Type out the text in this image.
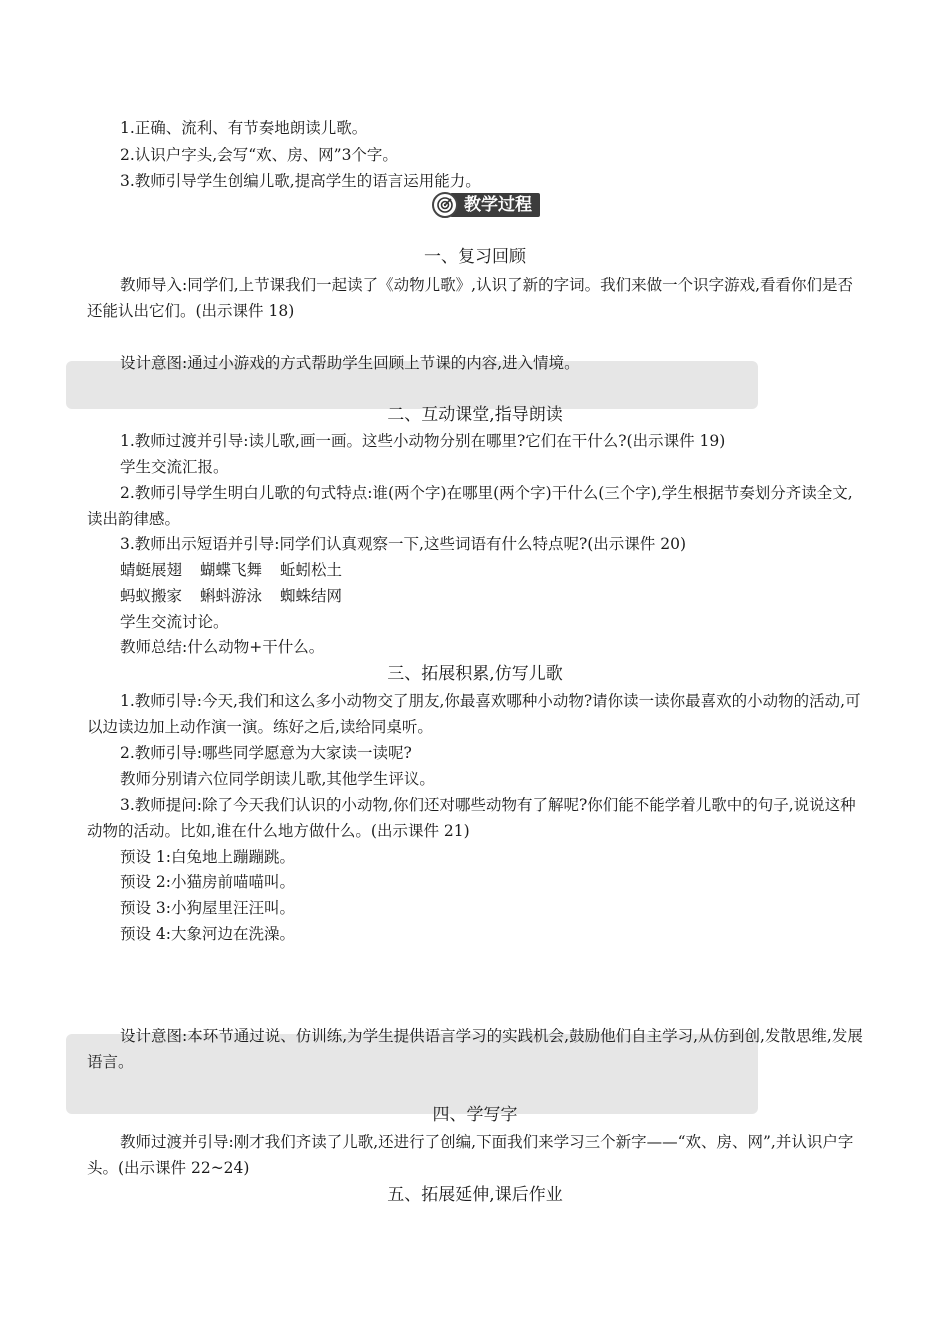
1.正确、流利、有节奏地朗读儿歌。
2.认识户字头,会写“欢、房、网”3个字。
3.教师引导学生创编儿歌,提高学生的语言运用能力。
教学过程
一、复习回顾
教师导入:同学们,上节课我们一起读了《动物儿歌》,认识了新的字词。我们来做一个识字游戏,看看你们是否还能认出它们。(出示课件 18)
设计意图:通过小游戏的方式帮助学生回顾上节课的内容,进入情境。
二、互动课堂,指导朗读
1.教师过渡并引导:读儿歌,画一画。这些小动物分别在哪里?它们在干什么?(出示课件 19)
学生交流汇报。
2.教师引导学生明白儿歌的句式特点:谁(两个字)在哪里(两个字)干什么(三个字),学生根据节奏划分齐读全文,读出韵律感。
3.教师出示短语并引导:同学们认真观察一下,这些词语有什么特点呢?(出示课件 20)
蜻蜓展翅 蝴蝶飞舞 蚯蚓松土
蚂蚁搬家 蝌蚪游泳 蜘蛛结网
学生交流讨论。
教师总结:什么动物+干什么。
三、拓展积累,仿写儿歌
1.教师引导:今天,我们和这么多小动物交了朋友,你最喜欢哪种小动物?请你读一读你最喜欢的小动物的活动,可以边读边加上动作演一演。练好之后,读给同桌听。
2.教师引导:哪些同学愿意为大家读一读呢?
教师分别请六位同学朗读儿歌,其他学生评议。
3.教师提问:除了今天我们认识的小动物,你们还对哪些动物有了解呢?你们能不能学着儿歌中的句子,说说这种动物的活动。比如,谁在什么地方做什么。(出示课件 21)
预设 1:白兔地上蹦蹦跳。
预设 2:小猫房前喵喵叫。
预设 3:小狗屋里汪汪叫。
预设 4:大象河边在洗澡。
设计意图:本环节通过说、仿训练,为学生提供语言学习的实践机会,鼓励他们自主学习,从仿到创,发散思维,发展语言。
四、学写字
教师过渡并引导:刚才我们齐读了儿歌,还进行了创编,下面我们来学习三个新字——“欢、房、网”,并认识户字头。(出示课件 22~24)
五、拓展延伸,课后作业
